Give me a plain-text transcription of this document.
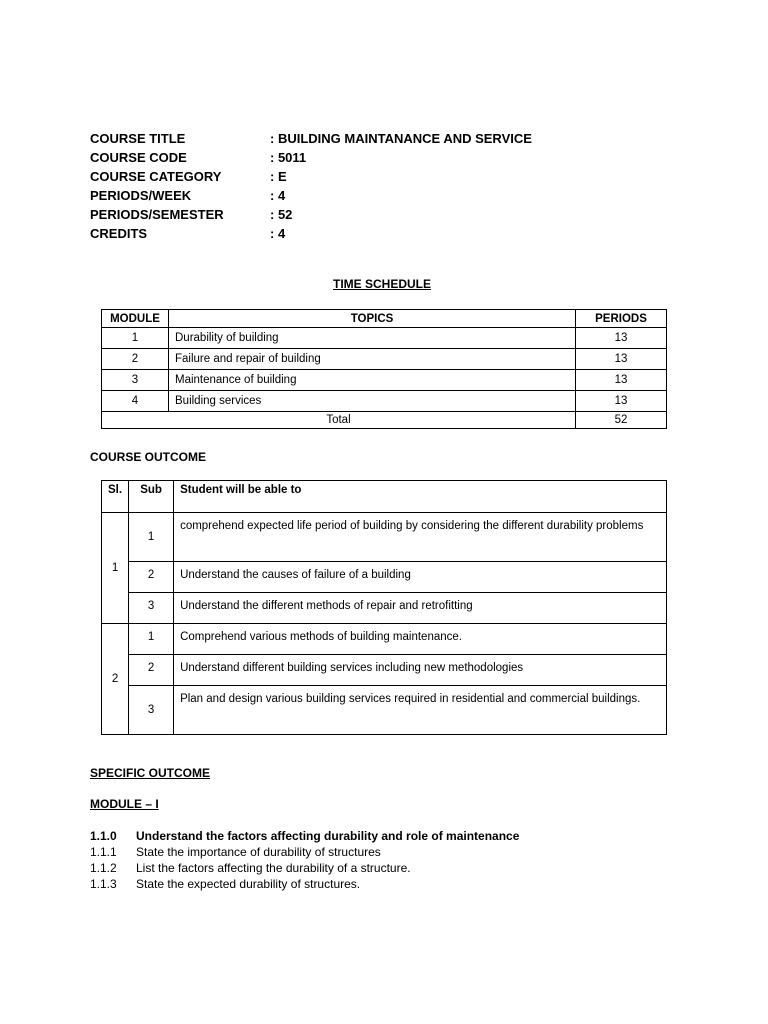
COURSE TITLE	: BUILDING MAINTANANCE AND SERVICE
COURSE CODE	: 5011
COURSE CATEGORY	: E
PERIODS/WEEK	: 4
PERIODS/SEMESTER	: 52
CREDITS	: 4
TIME SCHEDULE
MODULE	TOPICS	PERIODS
1	Durability of building	13
2	Failure and repair of building	13
3	Maintenance of building	13
4	Building services	13
Total		52
COURSE OUTCOME
Sl.	Sub	Student will be able to
1	1	comprehend expected life period of building by considering the different durability problems
	2	Understand the causes of failure of a building
	3	Understand the different methods of repair and retrofitting
2	1	Comprehend various methods of building maintenance.
	2	Understand different building services including new methodologies
	3	Plan and design various building services required in residential and commercial buildings.
SPECIFIC OUTCOME
MODULE – I
1.1.0 Understand the factors affecting durability and role of maintenance
1.1.1 State the importance of durability of structures
1.1.2 List the factors affecting the durability of a structure.
1.1.3 State the expected durability of structures.
